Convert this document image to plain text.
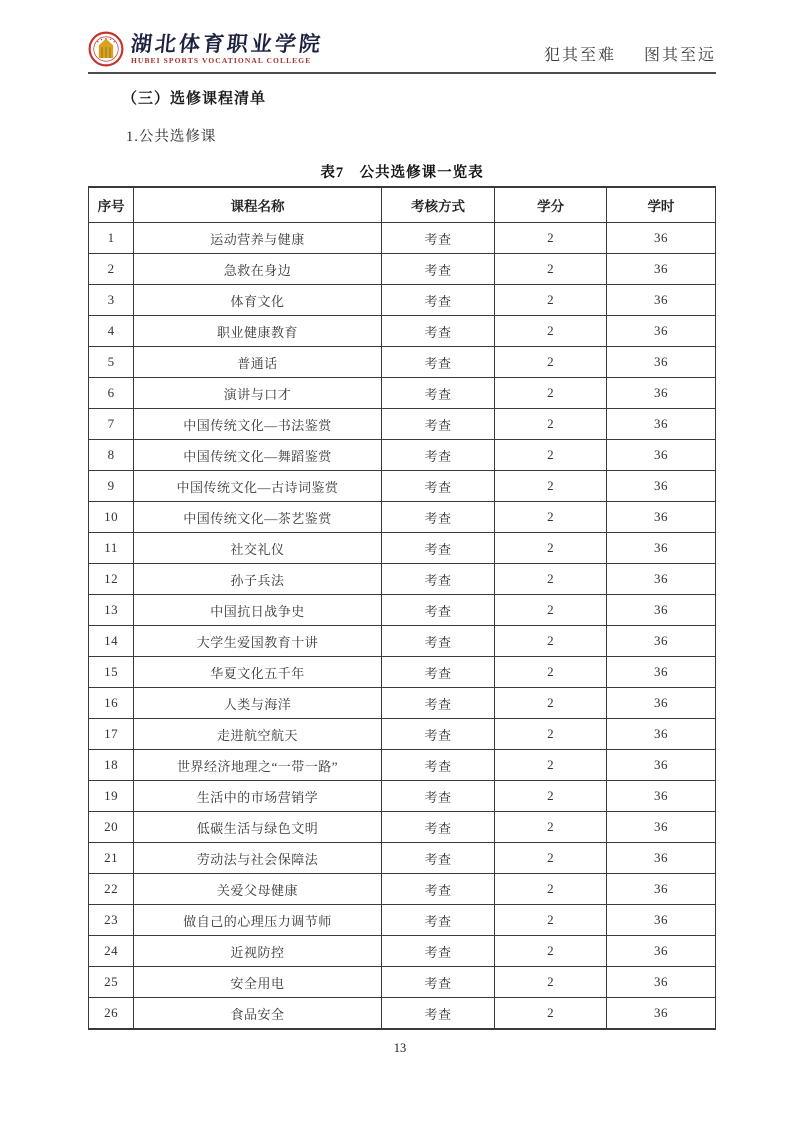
湖北体育职业学院
HUBEI SPORTS VOCATIONAL COLLEGE	犯其至难 图其至远
（三）选修课程清单
1.公共选修课
表7　公共选修课一览表
序号	课程名称	考核方式	学分	学时
1	运动营养与健康	考查	2	36
2	急救在身边	考查	2	36
3	体育文化	考查	2	36
4	职业健康教育	考查	2	36
5	普通话	考查	2	36
6	演讲与口才	考查	2	36
7	中国传统文化—书法鉴赏	考查	2	36
8	中国传统文化—舞蹈鉴赏	考查	2	36
9	中国传统文化—古诗词鉴赏	考查	2	36
10	中国传统文化—茶艺鉴赏	考查	2	36
11	社交礼仪	考查	2	36
12	孙子兵法	考查	2	36
13	中国抗日战争史	考查	2	36
14	大学生爱国教育十讲	考查	2	36
15	华夏文化五千年	考查	2	36
16	人类与海洋	考查	2	36
17	走进航空航天	考查	2	36
18	世界经济地理之“一带一路”	考查	2	36
19	生活中的市场营销学	考查	2	36
20	低碳生活与绿色文明	考查	2	36
21	劳动法与社会保障法	考查	2	36
22	关爱父母健康	考查	2	36
23	做自己的心理压力调节师	考查	2	36
24	近视防控	考查	2	36
25	安全用电	考查	2	36
26	食品安全	考查	2	36
13
